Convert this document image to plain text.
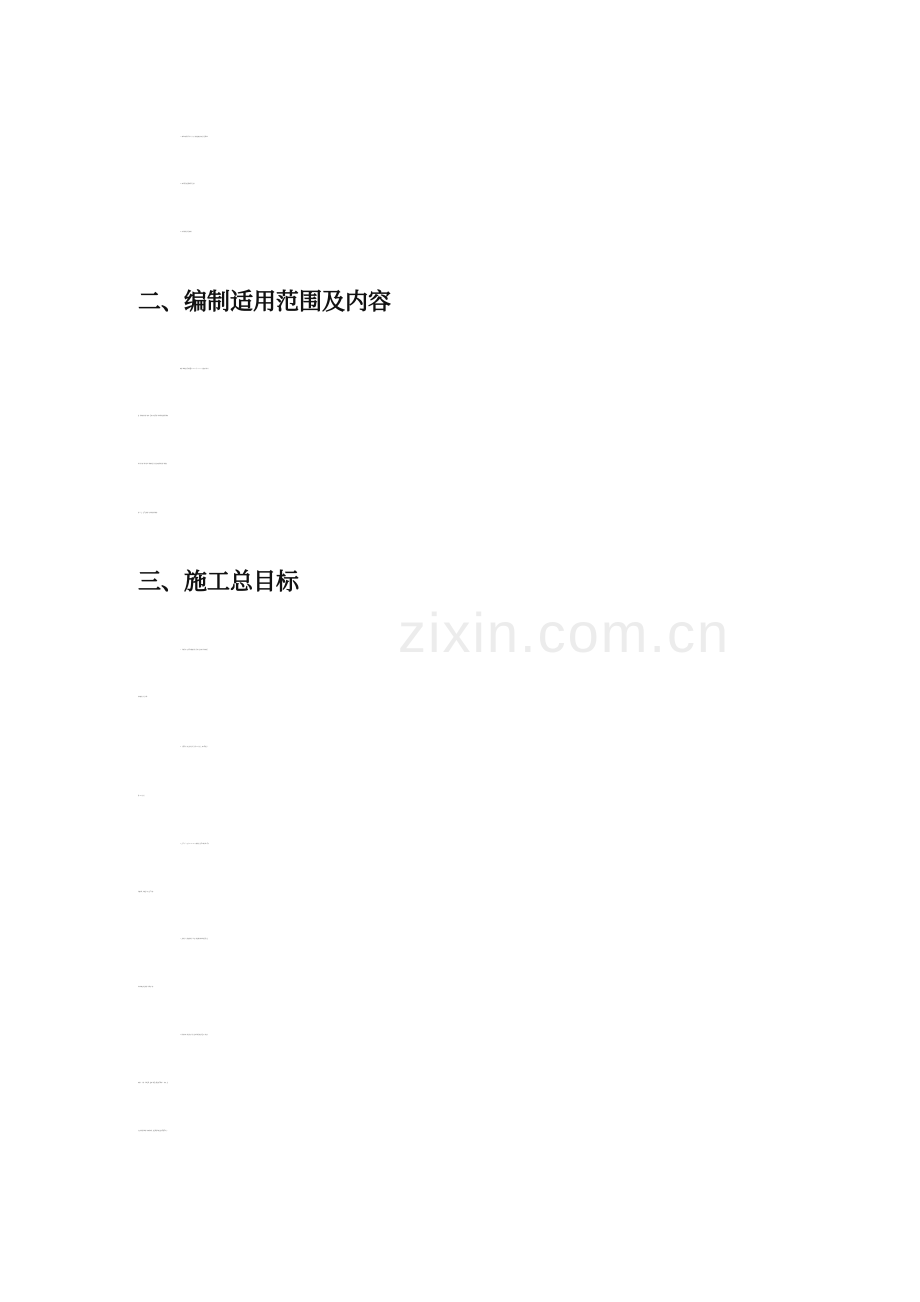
zixin.com.cn
4、本企业现有的劳动力、技术、机械设备能力和施工管理经验。
5、本公司质量管理体系有关文件。
6、本工程的施工总体目标。
二、编制适用范围及内容
本施工组织设计适用范围为《2013 年 XXXXXX 小流域工程》标
段一的各项招标施工项目。具体内容包括施工现场临时设施的布置和
各分部分项工程为保证工程顺利进行而必须采取的各类施工措施及
施工工艺、安全文明施工及环境保护等措施。
三、施工总目标
1、工程质量：达到合格等级标准，质量评定以水利工程水利质
量检测部门评定为准。
2、工期要求：招标文件施工总工期 180 日历天，本公司拟定工
期 180 日历天。
3、安全生产：达到《JGJ59-2011 建筑施工安全检查标准》合格
等级标准，杜绝发生重大安全事故。
4、文明施工：创建文明施工工地，通过做好现场规划管理，使
场容场貌达到文明施工标准化工地。
5、降低成本：通过优化方案，使本工程总体投入最少，通过成
本划分、分析、控制管理，使本工程最大限度地合理用工、用料，进
而达到有效控制施工成本的目的，把管理效益通过投标回报给社会。
